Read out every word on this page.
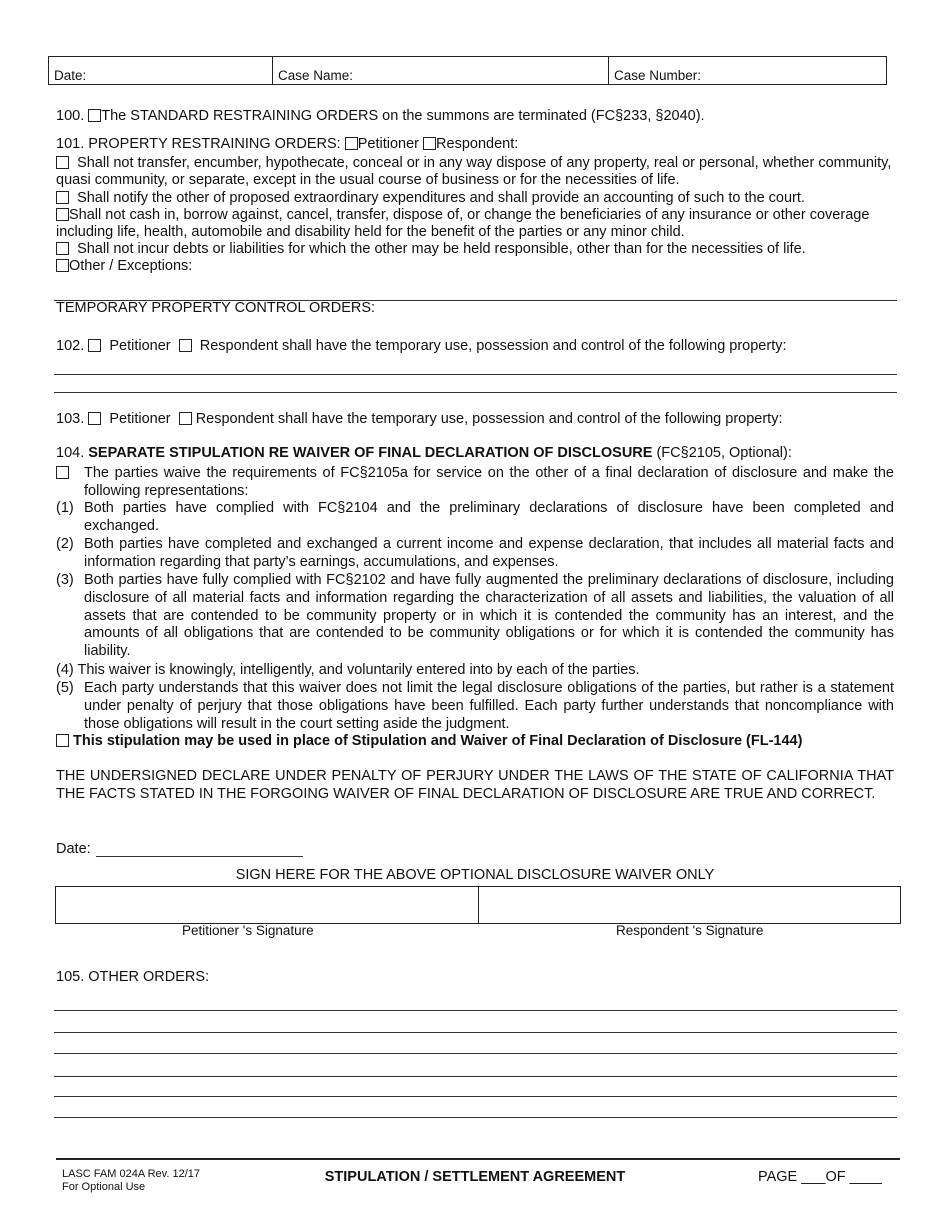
Date:	Case Name:	Case Number:
100. The STANDARD RESTRAINING ORDERS on the summons are terminated (FC§233, §2040).
101. PROPERTY RESTRAINING ORDERS: Petitioner Respondent:
Shall not transfer, encumber, hypothecate, conceal or in any way dispose of any property, real or personal, whether community, quasi community, or separate, except in the usual course of business or for the necessities of life.
Shall notify the other of proposed extraordinary expenditures and shall provide an accounting of such to the court.
Shall not cash in, borrow against, cancel, transfer, dispose of, or change the beneficiaries of any insurance or other coverage including life, health, automobile and disability held for the benefit of the parties or any minor child.
Shall not incur debts or liabilities for which the other may be held responsible, other than for the necessities of life.
Other / Exceptions:
TEMPORARY PROPERTY CONTROL ORDERS:
102. Petitioner Respondent shall have the temporary use, possession and control of the following property:
103. Petitioner Respondent shall have the temporary use, possession and control of the following property:
104. SEPARATE STIPULATION RE WAIVER OF FINAL DECLARATION OF DISCLOSURE (FC§2105, Optional):
The parties waive the requirements of FC§2105a for service on the other of a final declaration of disclosure and make the following representations:
(1) Both parties have complied with FC§2104 and the preliminary declarations of disclosure have been completed and exchanged.
(2) Both parties have completed and exchanged a current income and expense declaration, that includes all material facts and information regarding that party’s earnings, accumulations, and expenses.
(3) Both parties have fully complied with FC§2102 and have fully augmented the preliminary declarations of disclosure, including disclosure of all material facts and information regarding the characterization of all assets and liabilities, the valuation of all assets that are contended to be community property or in which it is contended the community has an interest, and the amounts of all obligations that are contended to be community obligations or for which it is contended the community has liability.
(4) This waiver is knowingly, intelligently, and voluntarily entered into by each of the parties.
(5) Each party understands that this waiver does not limit the legal disclosure obligations of the parties, but rather is a statement under penalty of perjury that those obligations have been fulfilled. Each party further understands that noncompliance with those obligations will result in the court setting aside the judgment.
This stipulation may be used in place of Stipulation and Waiver of Final Declaration of Disclosure (FL-144)
THE UNDERSIGNED DECLARE UNDER PENALTY OF PERJURY UNDER THE LAWS OF THE STATE OF CALIFORNIA THAT THE FACTS STATED IN THE FORGOING WAIVER OF FINAL DECLARATION OF DISCLOSURE ARE TRUE AND CORRECT.
Date:
SIGN HERE FOR THE ABOVE OPTIONAL DISCLOSURE WAIVER ONLY
Petitioner 's Signature	Respondent 's Signature
105. OTHER ORDERS:
LASC FAM 024A Rev. 12/17
For Optional Use
STIPULATION / SETTLEMENT AGREEMENT	PAGE ___OF ____
